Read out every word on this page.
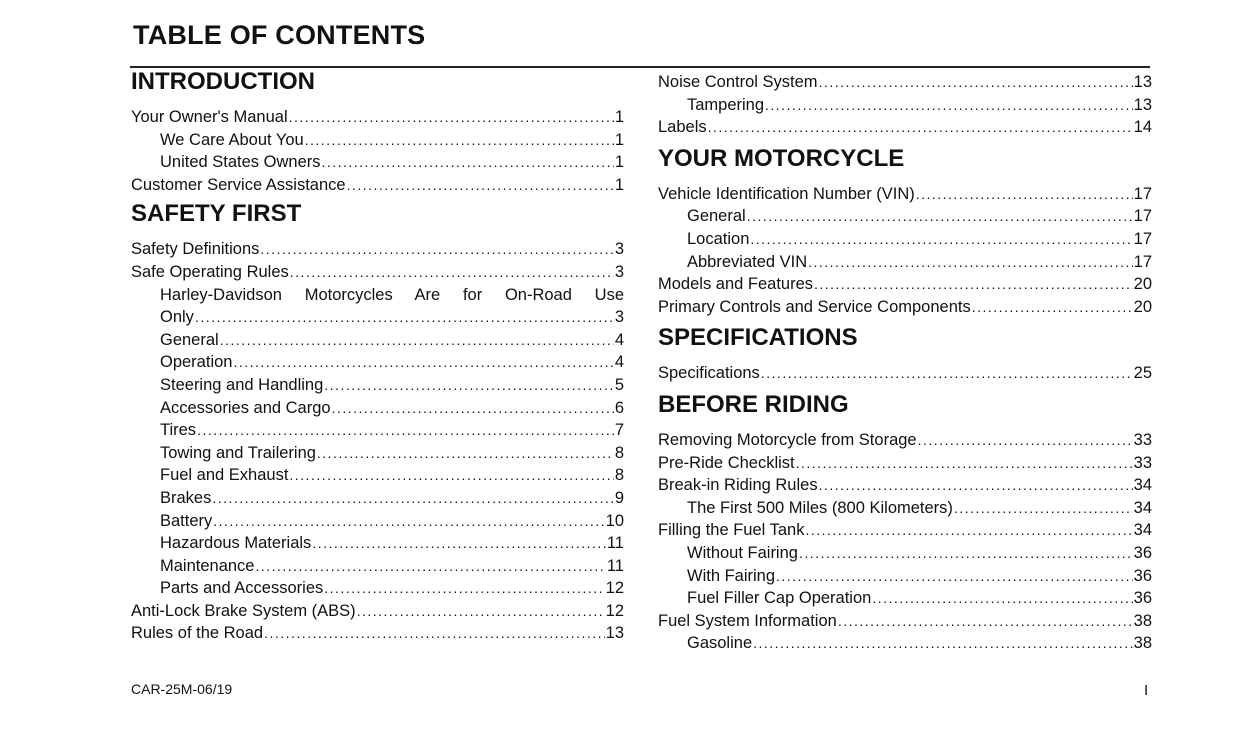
TABLE OF CONTENTS
INTRODUCTION
Your Owner's Manual . . .	1
We Care About You . . .	1
United States Owners . . .	1
Customer Service Assistance . . .	1
SAFETY FIRST
Safety Definitions . . .	3
Safe Operating Rules . . .	3
Harley-Davidson Motorcycles Are for On-Road Use
Only . . .	3
General . . .	4
Operation . . .	4
Steering and Handling . . .	5
Accessories and Cargo . . .	6
Tires . . .	7
Towing and Trailering . . .	8
Fuel and Exhaust . . .	8
Brakes . . .	9
Battery . . .	10
Hazardous Materials . . .	11
Maintenance . . .	11
Parts and Accessories . . .	12
Anti-Lock Brake System (ABS) . . .	12
Rules of the Road . . .	13
Noise Control System . . .	13
Tampering . . .	13
Labels . . .	14
YOUR MOTORCYCLE
Vehicle Identification Number (VIN) . . .	17
General . . .	17
Location . . .	17
Abbreviated VIN . . .	17
Models and Features . . .	20
Primary Controls and Service Components . . .	20
SPECIFICATIONS
Specifications . . .	25
BEFORE RIDING
Removing Motorcycle from Storage . . .	33
Pre-Ride Checklist . . .	33
Break-in Riding Rules . . .	34
The First 500 Miles (800 Kilometers) . . .	34
Filling the Fuel Tank . . .	34
Without Fairing . . .	36
With Fairing . . .	36
Fuel Filler Cap Operation . . .	36
Fuel System Information . . .	38
Gasoline . . .	38
CAR-25M-06/19	I
